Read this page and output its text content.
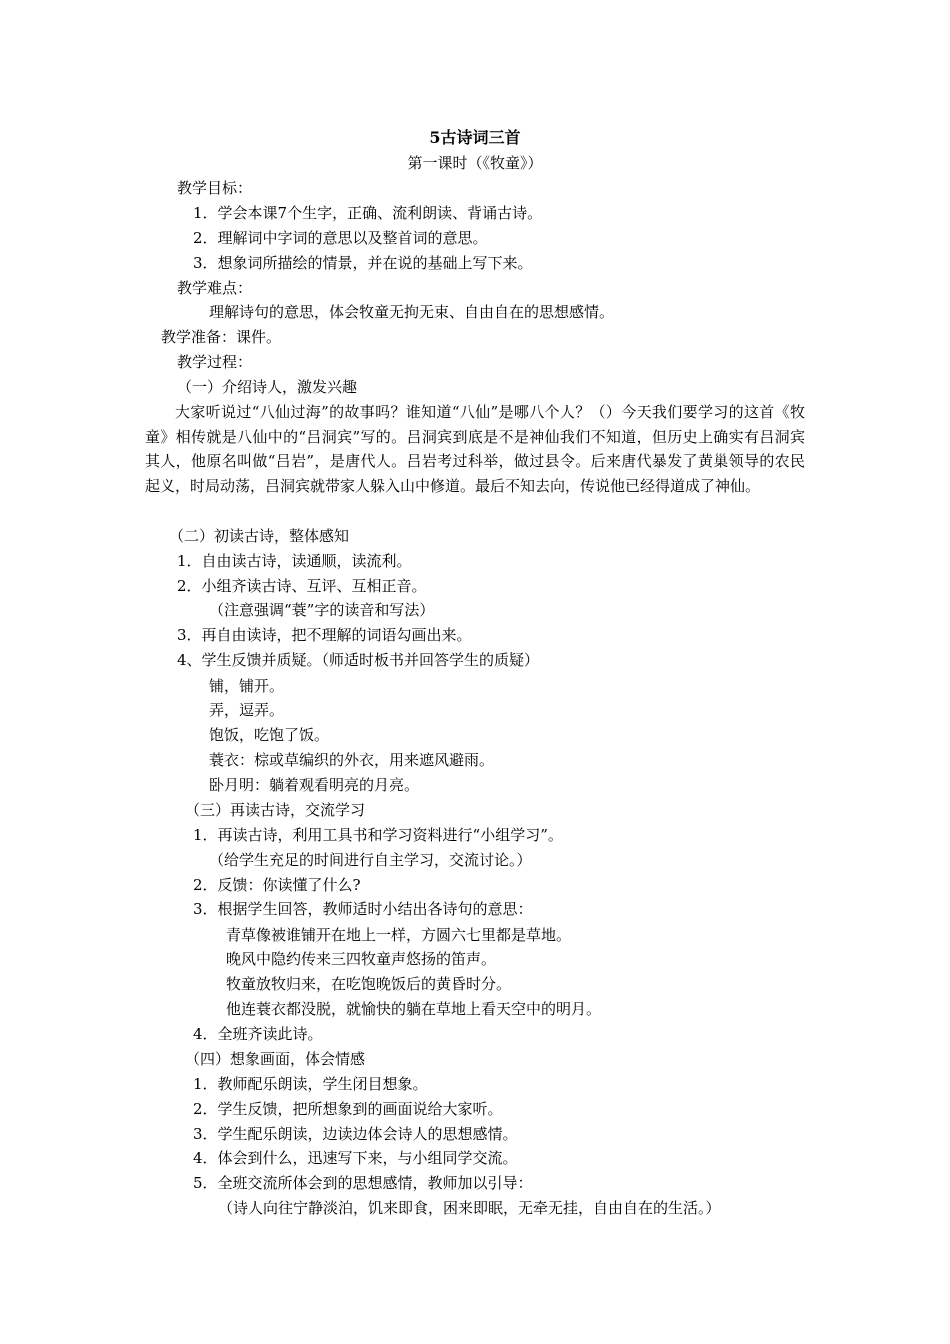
5古诗词三首
第一课时（《牧童》）
教学目标：
1．学会本课7个生字，正确、流利朗读、背诵古诗。
2．理解词中字词的意思以及整首词的意思。
3．想象词所描绘的情景，并在说的基础上写下来。
教学难点：
理解诗句的意思，体会牧童无拘无束、自由自在的思想感情。
教学准备：课件。
教学过程：
（一）介绍诗人，激发兴趣
大家听说过“八仙过海”的故事吗？谁知道“八仙”是哪八个人？（）今天我们要学习的这首《牧童》相传就是八仙中的“吕洞宾”写的。吕洞宾到底是不是神仙我们不知道，但历史上确实有吕洞宾其人，他原名叫做“吕岩”，是唐代人。吕岩考过科举，做过县令。后来唐代暴发了黄巢领导的农民起义，时局动荡，吕洞宾就带家人躲入山中修道。最后不知去向，传说他已经得道成了神仙。
（二）初读古诗，整体感知
1．自由读古诗，读通顺，读流利。
2．小组齐读古诗、互评、互相正音。
（注意强调“蓑”字的读音和写法）
3．再自由读诗，把不理解的词语勾画出来。
4、学生反馈并质疑。（师适时板书并回答学生的质疑）
铺，铺开。
弄，逗弄。
饱饭，吃饱了饭。
蓑衣：棕或草编织的外衣，用来遮风避雨。
卧月明：躺着观看明亮的月亮。
（三）再读古诗，交流学习
1．再读古诗，利用工具书和学习资料进行“小组学习”。
（给学生充足的时间进行自主学习，交流讨论。）
2．反馈：你读懂了什么?
3．根据学生回答，教师适时小结出各诗句的意思：
青草像被谁铺开在地上一样，方圆六七里都是草地。
晚风中隐约传来三四牧童声悠扬的笛声。
牧童放牧归来，在吃饱晚饭后的黄昏时分。
他连蓑衣都没脱，就愉快的躺在草地上看天空中的明月。
4．全班齐读此诗。
（四）想象画面，体会情感
1．教师配乐朗读，学生闭目想象。
2．学生反馈，把所想象到的画面说给大家听。
3．学生配乐朗读，边读边体会诗人的思想感情。
4．体会到什么，迅速写下来，与小组同学交流。
5．全班交流所体会到的思想感情，教师加以引导：
（诗人向往宁静淡泊，饥来即食，困来即眠，无牵无挂，自由自在的生活。）
